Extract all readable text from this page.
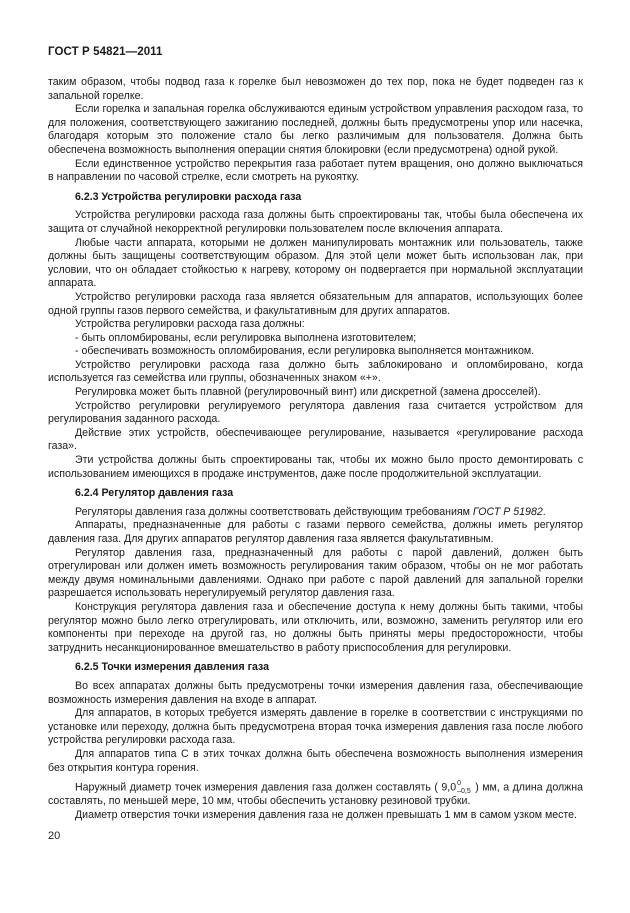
ГОСТ Р 54821—2011

таким образом, чтобы подвод газа к горелке был невозможен до тех пор, пока не будет подведен газ к запальной горелке.

Если горелка и запальная горелка обслуживаются единым устройством управления расходом газа, то для положения, соответствующего зажиганию последней, должны быть предусмотрены упор или насечка, благодаря которым это положение стало бы легко различимым для пользователя. Должна быть обеспечена возможность выполнения операции снятия блокировки (если предусмотрена) одной рукой.

Если единственное устройство перекрытия газа работает путем вращения, оно должно выключаться в направлении по часовой стрелке, если смотреть на рукоятку.

6.2.3 Устройства регулировки расхода газа

Устройства регулировки расхода газа должны быть спроектированы так, чтобы была обеспечена их защита от случайной некорректной регулировки пользователем после включения аппарата.

Любые части аппарата, которыми не должен манипулировать монтажник или пользователь, также должны быть защищены соответствующим образом. Для этой цели может быть использован лак, при условии, что он обладает стойкостью к нагреву, которому он подвергается при нормальной эксплуатации аппарата.

Устройство регулировки расхода газа является обязательным для аппаратов, использующих более одной группы газов первого семейства, и факультативным для других аппаратов.

Устройства регулировки расхода газа должны:

- быть опломбированы, если регулировка выполнена изготовителем;

- обеспечивать возможность опломбирования, если регулировка выполняется монтажником.

Устройство регулировки расхода газа должно быть заблокировано и опломбировано, когда используется газ семейства или группы, обозначенных знаком «+».

Регулировка может быть плавной (регулировочный винт) или дискретной (замена дросселей).

Устройство регулировки регулируемого регулятора давления газа считается устройством для регулирования заданного расхода.

Действие этих устройств, обеспечивающее регулирование, называется «регулирование расхода газа».

Эти устройства должны быть спроектированы так, чтобы их можно было просто демонтировать с использованием имеющихся в продаже инструментов, даже после продолжительной эксплуатации.

6.2.4 Регулятор давления газа

Регуляторы давления газа должны соответствовать действующим требованиям ГОСТ Р 51982.

Аппараты, предназначенные для работы с газами первого семейства, должны иметь регулятор давления газа. Для других аппаратов регулятор давления газа является факультативным.

Регулятор давления газа, предназначенный для работы с парой давлений, должен быть отрегулирован или должен иметь возможность регулирования таким образом, чтобы он не мог работать между двумя номинальными давлениями. Однако при работе с парой давлений для запальной горелки разрешается использовать нерегулируемый регулятор давления газа.

Конструкция регулятора давления газа и обеспечение доступа к нему должны быть такими, чтобы регулятор можно было легко отрегулировать, или отключить, или, возможно, заменить регулятор или его компоненты при переходе на другой газ, но должны быть приняты меры предосторожности, чтобы затруднить несанкционированное вмешательство в работу приспособления для регулировки.

6.2.5 Точки измерения давления газа

Во всех аппаратах должны быть предусмотрены точки измерения давления газа, обеспечивающие возможность измерения давления на входе в аппарат.

Для аппаратов, в которых требуется измерять давление в горелке в соответствии с инструкциями по установке или переходу, должна быть предусмотрена вторая точка измерения давления газа после любого устройства регулировки расхода газа.

Для аппаратов типа С в этих точках должна быть обеспечена возможность выполнения измерения без открытия контура горения.

Наружный диаметр точек измерения давления газа должен составлять ( 9,0 0
–0,5 ) мм, а длина должна составлять, по меньшей мере, 10 мм, чтобы обеспечить установку резиновой трубки.

Диаметр отверстия точки измерения давления газа не должен превышать 1 мм в самом узком месте.

20
